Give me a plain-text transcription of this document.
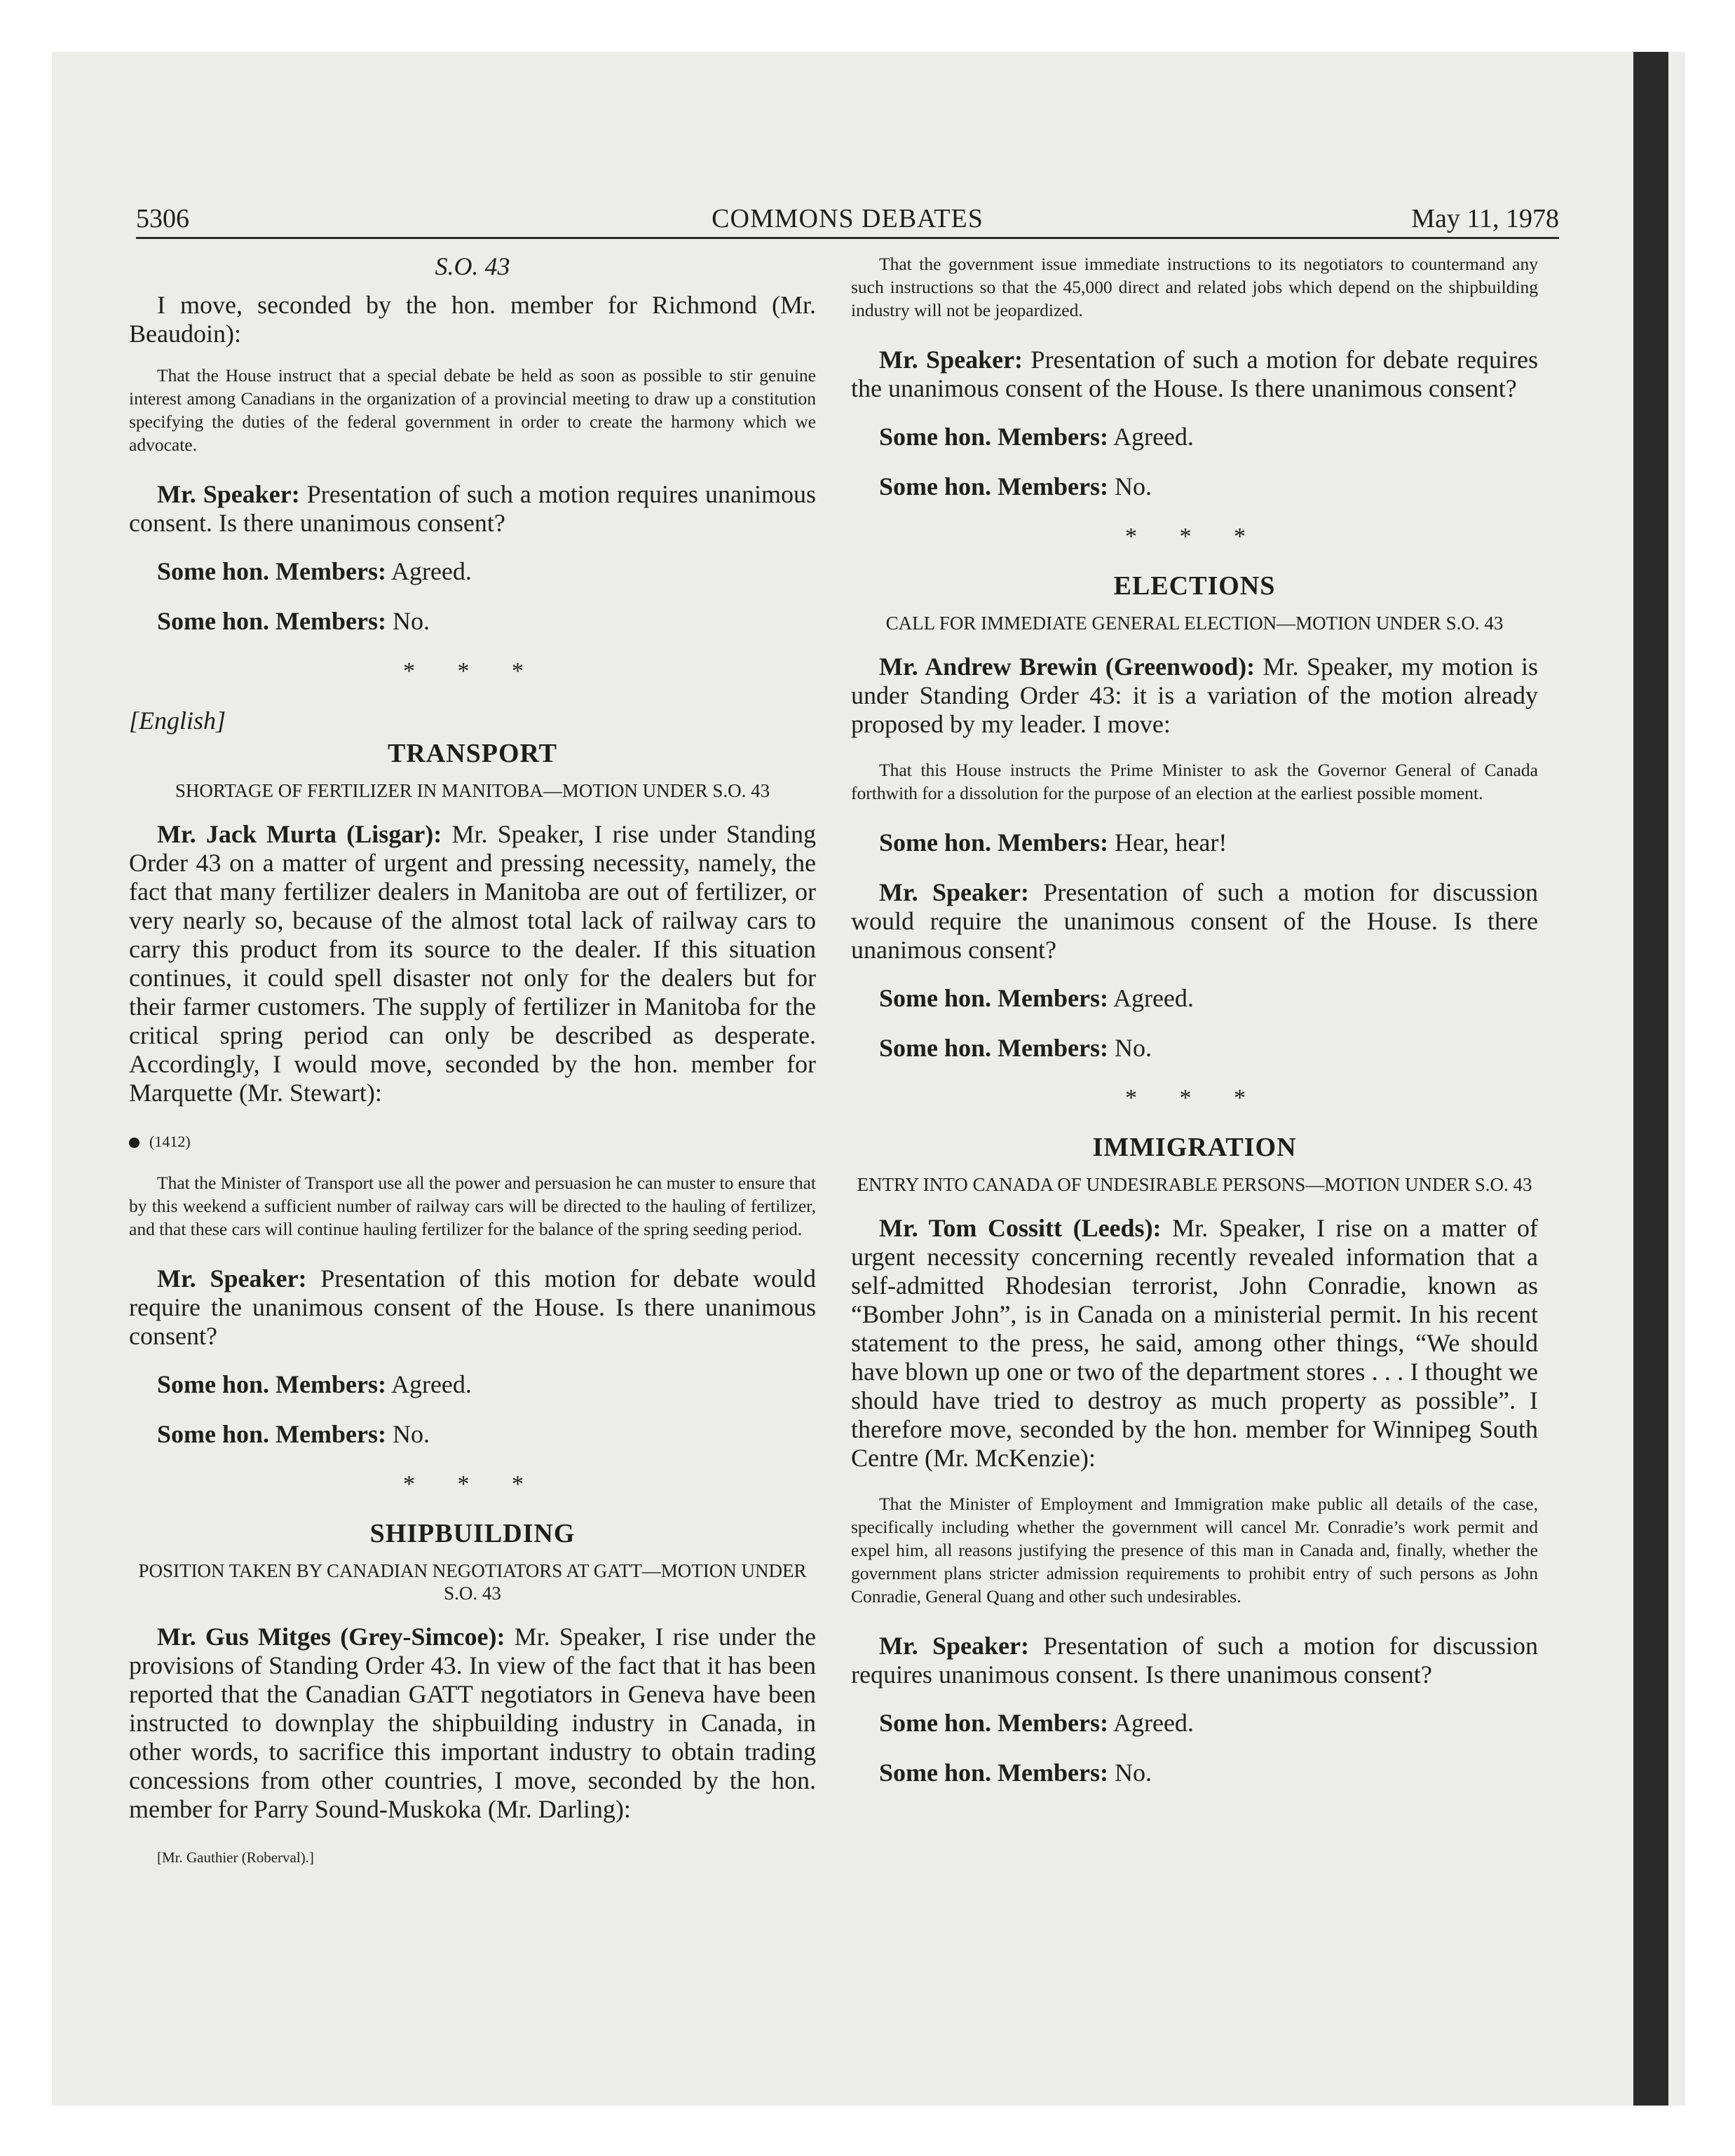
5306	COMMONS DEBATES	May 11, 1978

S.O. 43

I move, seconded by the hon. member for Richmond (Mr. Beaudoin):

That the House instruct that a special debate be held as soon as possible to stir genuine interest among Canadians in the organization of a provincial meeting to draw up a constitution specifying the duties of the federal government in order to create the harmony which we advocate.

Mr. Speaker: Presentation of such a motion requires unanimous consent. Is there unanimous consent?

Some hon. Members: Agreed.

Some hon. Members: No.

* * *

[English]

TRANSPORT

SHORTAGE OF FERTILIZER IN MANITOBA—MOTION UNDER S.O. 43

Mr. Jack Murta (Lisgar): Mr. Speaker, I rise under Standing Order 43 on a matter of urgent and pressing necessity, namely, the fact that many fertilizer dealers in Manitoba are out of fertilizer, or very nearly so, because of the almost total lack of railway cars to carry this product from its source to the dealer. If this situation continues, it could spell disaster not only for the dealers but for their farmer customers. The supply of fertilizer in Manitoba for the critical spring period can only be described as desperate. Accordingly, I would move, seconded by the hon. member for Marquette (Mr. Stewart):

(1412)

That the Minister of Transport use all the power and persuasion he can muster to ensure that by this weekend a sufficient number of railway cars will be directed to the hauling of fertilizer, and that these cars will continue hauling fertilizer for the balance of the spring seeding period.

Mr. Speaker: Presentation of this motion for debate would require the unanimous consent of the House. Is there unanimous consent?

Some hon. Members: Agreed.

Some hon. Members: No.

* * *

SHIPBUILDING

POSITION TAKEN BY CANADIAN NEGOTIATORS AT GATT—MOTION UNDER S.O. 43

Mr. Gus Mitges (Grey-Simcoe): Mr. Speaker, I rise under the provisions of Standing Order 43. In view of the fact that it has been reported that the Canadian GATT negotiators in Geneva have been instructed to downplay the shipbuilding industry in Canada, in other words, to sacrifice this important industry to obtain trading concessions from other countries, I move, seconded by the hon. member for Parry Sound-Muskoka (Mr. Darling):

[Mr. Gauthier (Roberval).]

That the government issue immediate instructions to its negotiators to countermand any such instructions so that the 45,000 direct and related jobs which depend on the shipbuilding industry will not be jeopardized.

Mr. Speaker: Presentation of such a motion for debate requires the unanimous consent of the House. Is there unanimous consent?

Some hon. Members: Agreed.

Some hon. Members: No.

* * *

ELECTIONS

CALL FOR IMMEDIATE GENERAL ELECTION—MOTION UNDER S.O. 43

Mr. Andrew Brewin (Greenwood): Mr. Speaker, my motion is under Standing Order 43: it is a variation of the motion already proposed by my leader. I move:

That this House instructs the Prime Minister to ask the Governor General of Canada forthwith for a dissolution for the purpose of an election at the earliest possible moment.

Some hon. Members: Hear, hear!

Mr. Speaker: Presentation of such a motion for discussion would require the unanimous consent of the House. Is there unanimous consent?

Some hon. Members: Agreed.

Some hon. Members: No.

* * *

IMMIGRATION

ENTRY INTO CANADA OF UNDESIRABLE PERSONS—MOTION UNDER S.O. 43

Mr. Tom Cossitt (Leeds): Mr. Speaker, I rise on a matter of urgent necessity concerning recently revealed information that a self-admitted Rhodesian terrorist, John Conradie, known as “Bomber John”, is in Canada on a ministerial permit. In his recent statement to the press, he said, among other things, “We should have blown up one or two of the department stores . . . I thought we should have tried to destroy as much property as possible”. I therefore move, seconded by the hon. member for Winnipeg South Centre (Mr. McKenzie):

That the Minister of Employment and Immigration make public all details of the case, specifically including whether the government will cancel Mr. Conradie’s work permit and expel him, all reasons justifying the presence of this man in Canada and, finally, whether the government plans stricter admission requirements to prohibit entry of such persons as John Conradie, General Quang and other such undesirables.

Mr. Speaker: Presentation of such a motion for discussion requires unanimous consent. Is there unanimous consent?

Some hon. Members: Agreed.

Some hon. Members: No.
